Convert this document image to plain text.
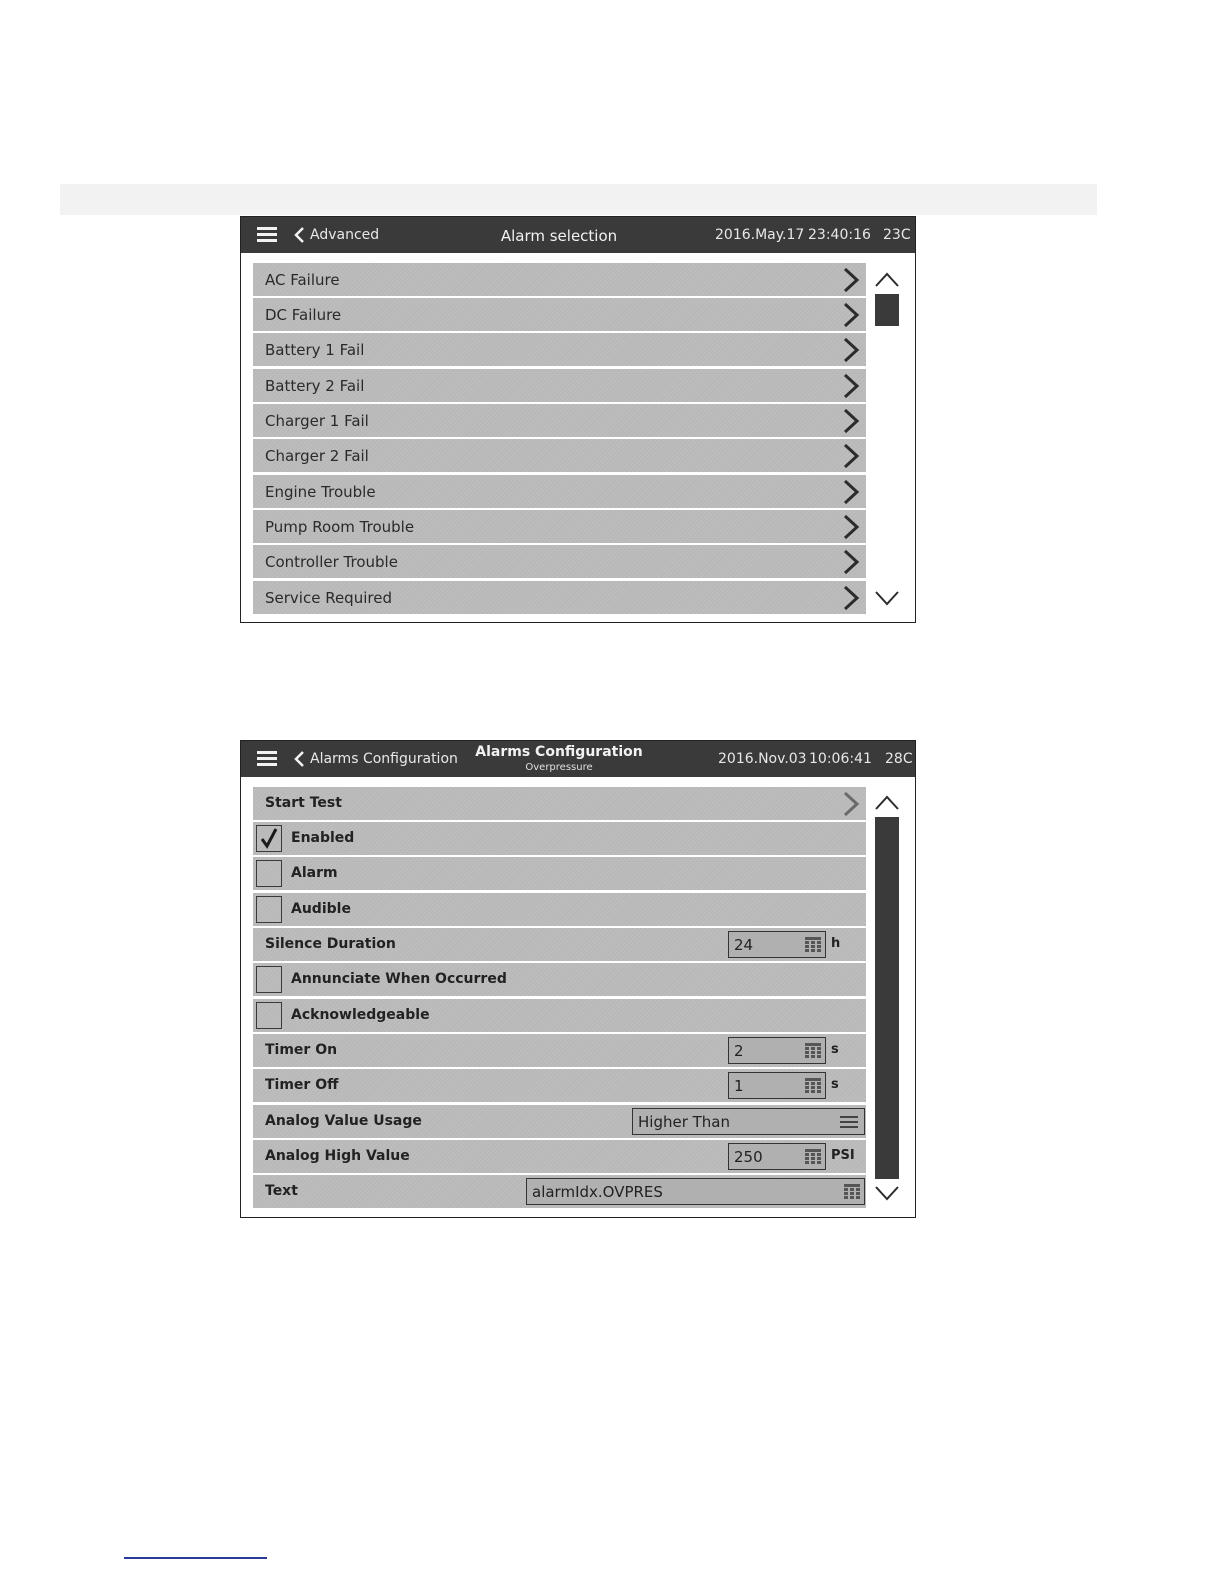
Advanced	Alarm selection	2016.May.17 23:40:16 23C
AC Failure
DC Failure
Battery 1 Fail
Battery 2 Fail
Charger 1 Fail
Charger 2 Fail
Engine Trouble
Pump Room Trouble
Controller Trouble
Service Required
Alarms Configuration	Alarms Configuration
Overpressure
2016.Nov.03 10:06:41 28C
Start Test
Enabled
Alarm
Audible
Silence Duration	24	h
Annunciate When Occurred
Acknowledgeable
Timer On	2	s
Timer Off	1	s
Analog Value Usage	Higher Than
Analog High Value	250	PSI
Text	alarmIdx.OVPRES
